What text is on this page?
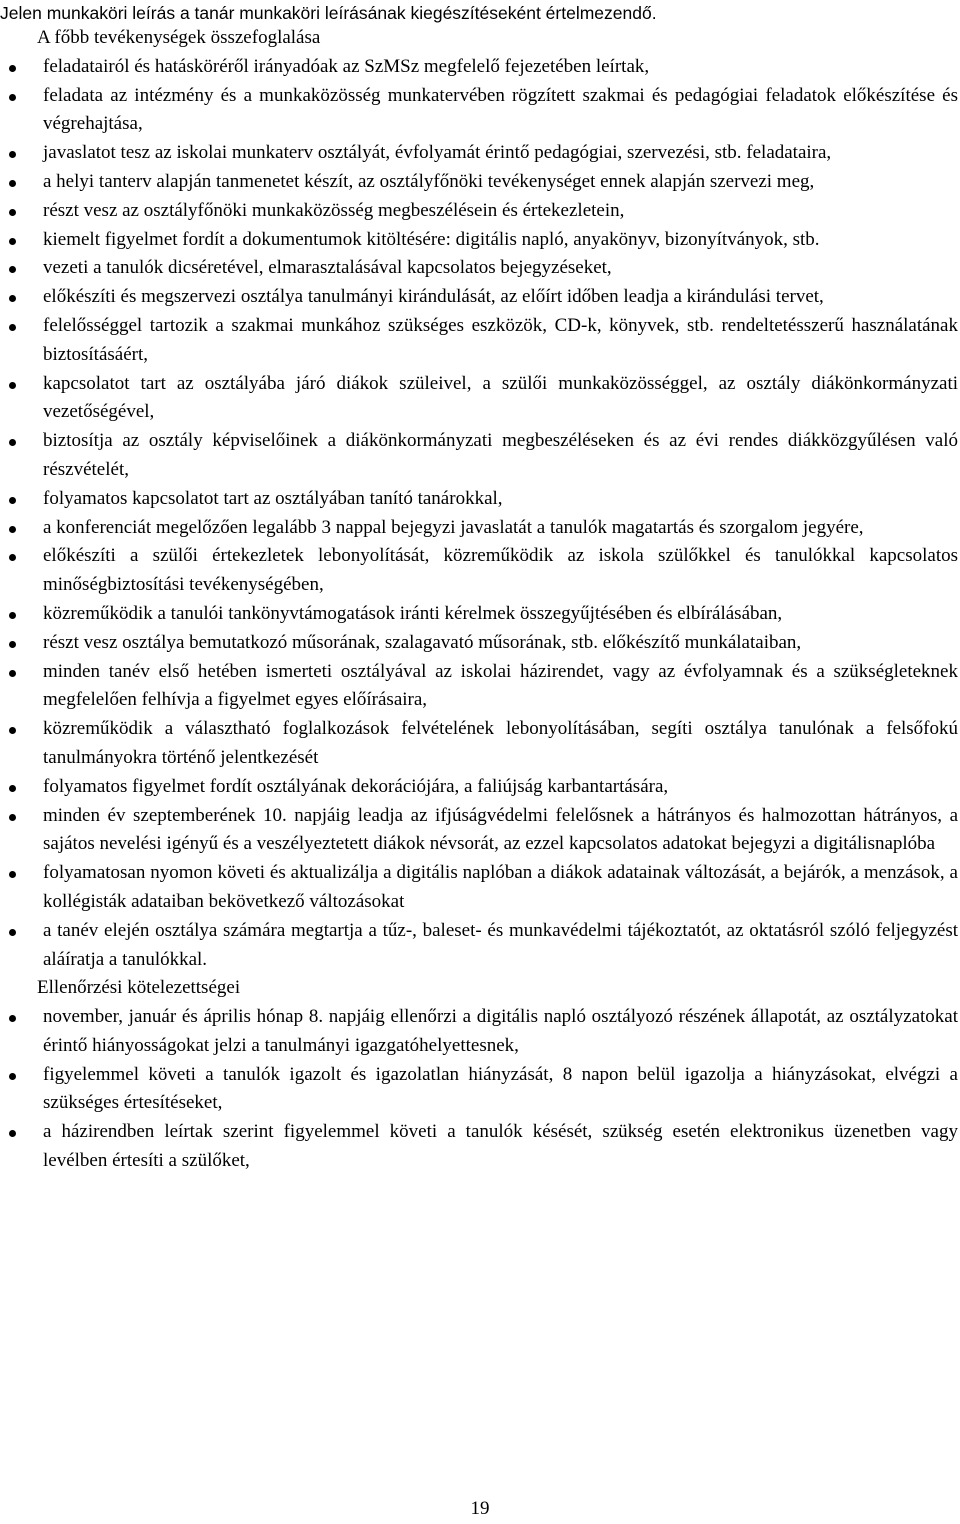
Jelen munkaköri leírás a tanár munkaköri leírásának kiegészítéseként értelmezendő.
A főbb tevékenységek összefoglalása
feladatairól és hatásköréről irányadóak az SzMSz megfelelő fejezetében leírtak,
feladata az intézmény és a munkaközösség munkatervében rögzített szakmai és pedagógiai feladatok előkészítése és végrehajtása,
javaslatot tesz az iskolai munkaterv osztályát, évfolyamát érintő pedagógiai, szervezési, stb. feladataira,
a helyi tanterv alapján tanmenetet készít, az osztályfőnöki tevékenységet ennek alapján szervezi meg,
részt vesz az osztályfőnöki munkaközösség megbeszélésein és értekezletein,
kiemelt figyelmet fordít a dokumentumok kitöltésére: digitális napló, anyakönyv, bizonyítványok, stb.
vezeti a tanulók dicséretével, elmarasztalásával kapcsolatos bejegyzéseket,
előkészíti és megszervezi osztálya tanulmányi kirándulását, az előírt időben leadja a kirándulási tervet,
felelősséggel tartozik a szakmai munkához szükséges eszközök, CD-k, könyvek, stb. rendeltetésszerű használatának biztosításáért,
kapcsolatot tart az osztályába járó diákok szüleivel, a szülői munkaközösséggel, az osztály diákönkormányzati vezetőségével,
biztosítja az osztály képviselőinek a diákönkormányzati megbeszéléseken és az évi rendes diákközgyűlésen való részvételét,
folyamatos kapcsolatot tart az osztályában tanító tanárokkal,
a konferenciát megelőzően legalább 3 nappal bejegyzi javaslatát a tanulók magatartás és szorgalom jegyére,
előkészíti a szülői értekezletek lebonyolítását, közreműködik az iskola szülőkkel és tanulókkal kapcsolatos minőségbiztosítási tevékenységében,
közreműködik a tanulói tankönyvtámogatások iránti kérelmek összegyűjtésében és elbírálásában,
részt vesz osztálya bemutatkozó műsorának, szalagavató műsorának, stb. előkészítő munkálataiban,
minden tanév első hetében ismerteti osztályával az iskolai házirendet, vagy az évfolyamnak és a szükségleteknek megfelelően felhívja a figyelmet egyes előírásaira,
közreműködik a választható foglalkozások felvételének lebonyolításában, segíti osztálya tanulónak a felsőfokú tanulmányokra történő jelentkezését
folyamatos figyelmet fordít osztályának dekorációjára, a faliújság karbantartására,
minden év szeptemberének 10. napjáig leadja az ifjúságvédelmi felelősnek a hátrányos és halmozottan hátrányos, a sajátos nevelési igényű és a veszélyeztetett diákok névsorát, az ezzel kapcsolatos adatokat bejegyzi a digitálisnaplóba
folyamatosan nyomon követi és aktualizálja a digitális naplóban a diákok adatainak változását, a bejárók, a menzások, a kollégisták adataiban bekövetkező változásokat
a tanév elején osztálya számára megtartja a tűz-, baleset- és munkavédelmi tájékoztatót, az oktatásról szóló feljegyzést aláíratja a tanulókkal.
Ellenőrzési kötelezettségei
november, január és április hónap 8. napjáig ellenőrzi a digitális napló osztályozó részének állapotát, az osztályzatokat érintő hiányosságokat jelzi a tanulmányi igazgatóhelyettesnek,
figyelemmel követi a tanulók igazolt és igazolatlan hiányzását, 8 napon belül igazolja a hiányzásokat, elvégzi a szükséges értesítéseket,
a házirendben leírtak szerint figyelemmel követi a tanulók késését, szükség esetén elektronikus üzenetben vagy levélben értesíti a szülőket,
19
